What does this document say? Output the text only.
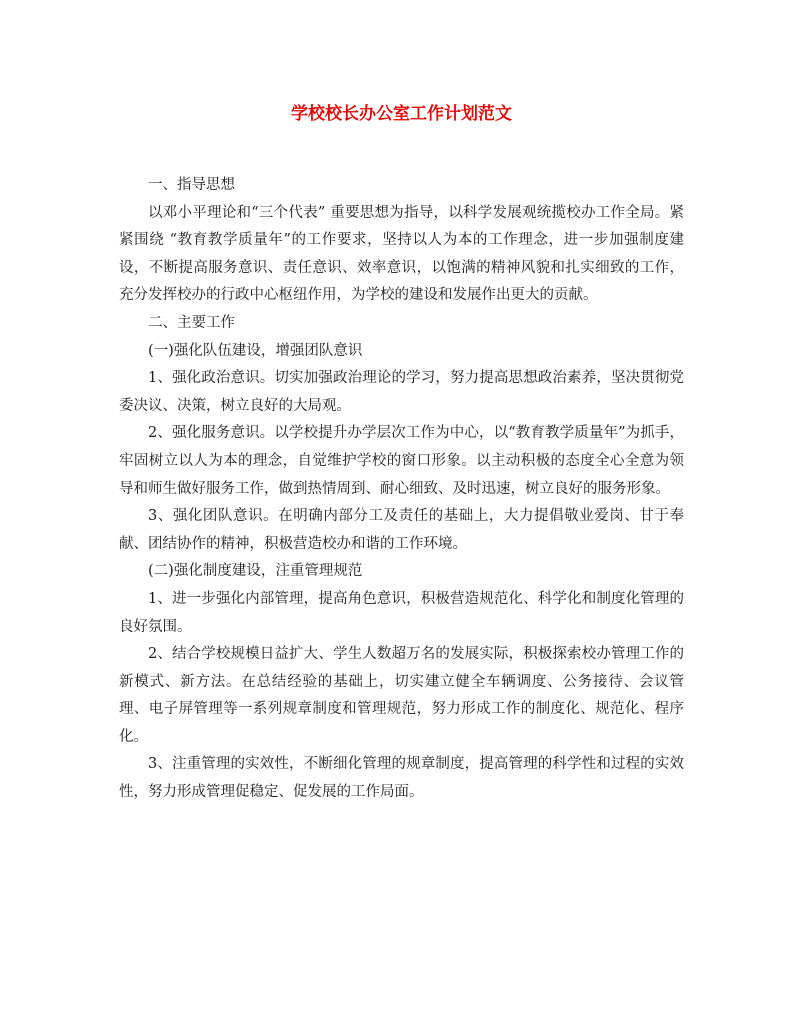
学校校长办公室工作计划范文

一、指导思想

以邓小平理论和“三个代表” 重要思想为指导，以科学发展观统揽校办工作全局。紧紧围绕 “教育教学质量年”的工作要求，坚持以人为本的工作理念，进一步加强制度建设，不断提高服务意识、责任意识、效率意识，以饱满的精神风貌和扎实细致的工作，充分发挥校办的行政中心枢纽作用，为学校的建设和发展作出更大的贡献。

二、主要工作

(一)强化队伍建设，增强团队意识

1、强化政治意识。切实加强政治理论的学习，努力提高思想政治素养，坚决贯彻党委决议、决策，树立良好的大局观。

2、强化服务意识。以学校提升办学层次工作为中心，以“教育教学质量年”为抓手，牢固树立以人为本的理念，自觉维护学校的窗口形象。以主动积极的态度全心全意为领导和师生做好服务工作，做到热情周到、耐心细致、及时迅速，树立良好的服务形象。

3、强化团队意识。在明确内部分工及责任的基础上，大力提倡敬业爱岗、甘于奉献、团结协作的精神，积极营造校办和谐的工作环境。

(二)强化制度建设，注重管理规范

1、进一步强化内部管理，提高角色意识，积极营造规范化、科学化和制度化管理的良好氛围。

2、结合学校规模日益扩大、学生人数超万名的发展实际，积极探索校办管理工作的新模式、新方法。在总结经验的基础上，切实建立健全车辆调度、公务接待、会议管理、电子屏管理等一系列规章制度和管理规范，努力形成工作的制度化、规范化、程序化。

3、注重管理的实效性，不断细化管理的规章制度，提高管理的科学性和过程的实效性，努力形成管理促稳定、促发展的工作局面。
